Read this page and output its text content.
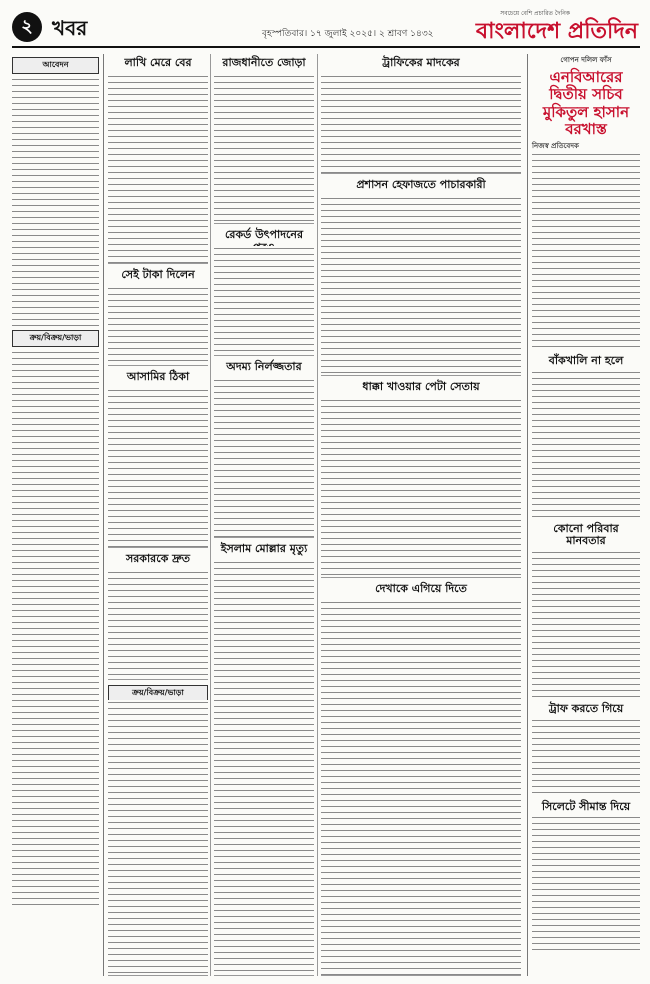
২ খবর	বৃহস্পতিবার। ১৭ জুলাই ২০২৫। ২ শ্রাবণ ১৪৩২
সবচেয়ে বেশি প্রচারিত দৈনিক
বাংলাদেশ প্রতিদিন
আবেদন
ক্রয়/বিক্রয়/ভাড়া
লাখি মেরে বের
সেই টাকা দিলেন
আসামির ঠিকা
সরকারকে দ্রুত
ক্রয়/বিক্রয়/ভাড়া
রাজধানীতে জোড়া
রেকর্ড উৎপাদনের
অদম্য নির্লজ্জতার
ইসলাম মোল্লার মৃত্যু
ট্রাফিকের মাদকের
প্রশাসন হেফাজতে পাচারকারী
ধাক্কা খাওয়ার পেটা সেতায়
দেখাকে এগিয়ে দিতে
গোপন দলিল ফাঁস
এনবিআরের দ্বিতীয় সচিব মুকিতুল হাসান বরখাস্ত
নিজস্ব প্রতিবেদক
বাঁকখালি না হলে
কোনো পরিবার মানবতার
ট্রাফ করতে গিয়ে
সিলেটে সীমান্ত দিয়ে
